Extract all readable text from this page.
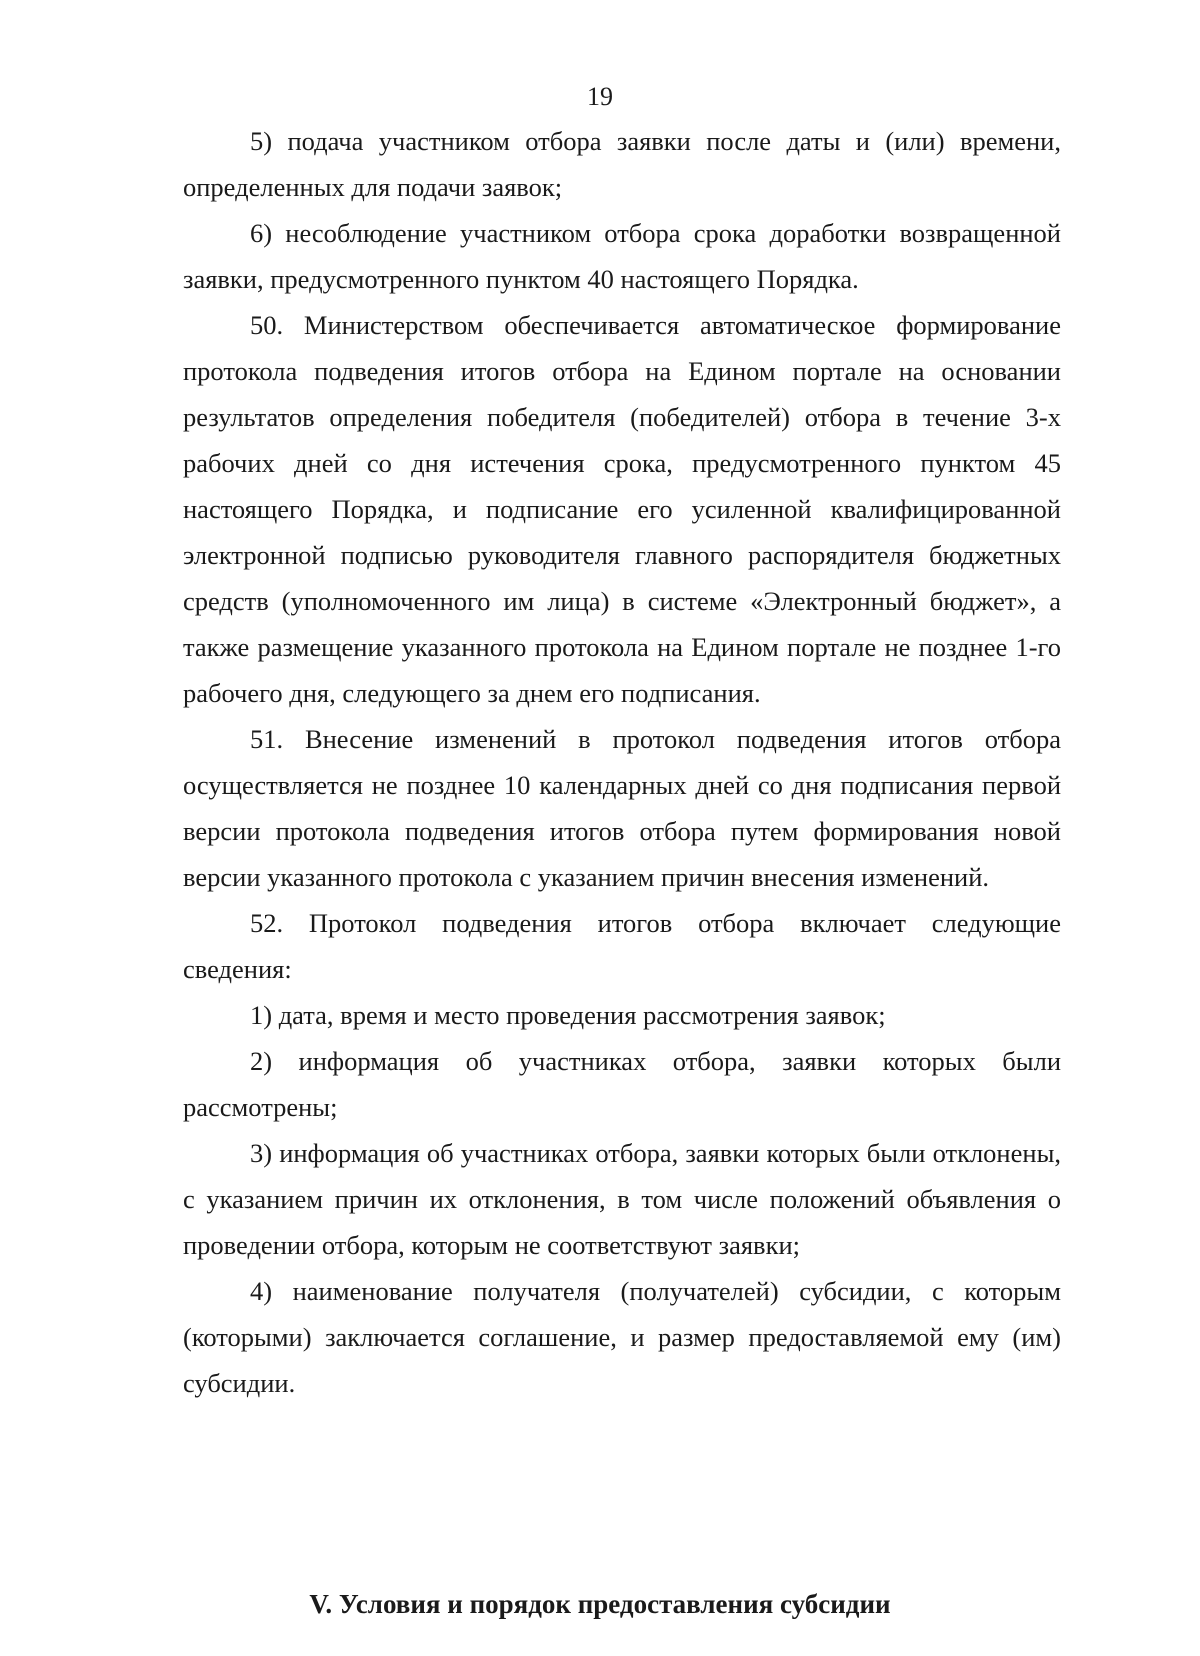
19

5) подача участником отбора заявки после даты и (или) времени, определенных для подачи заявок;

6) несоблюдение участником отбора срока доработки возвращенной заявки, предусмотренного пунктом 40 настоящего Порядка.

50. Министерством обеспечивается автоматическое формирование протокола подведения итогов отбора на Едином портале на основании результатов определения победителя (победителей) отбора в течение 3-х рабочих дней со дня истечения срока, предусмотренного пунктом 45 настоящего Порядка, и подписание его усиленной квалифицированной электронной подписью руководителя главного распорядителя бюджетных средств (уполномоченного им лица) в системе «Электронный бюджет», а также размещение указанного протокола на Едином портале не позднее 1-го рабочего дня, следующего за днем его подписания.

51. Внесение изменений в протокол подведения итогов отбора осуществляется не позднее 10 календарных дней со дня подписания первой версии протокола подведения итогов отбора путем формирования новой версии указанного протокола с указанием причин внесения изменений.

52. Протокол подведения итогов отбора включает следующие сведения:

1) дата, время и место проведения рассмотрения заявок;

2) информация об участниках отбора, заявки которых были рассмотрены;

3) информация об участниках отбора, заявки которых были отклонены, с указанием причин их отклонения, в том числе положений объявления о проведении отбора, которым не соответствуют заявки;

4) наименование получателя (получателей) субсидии, с которым (которыми) заключается соглашение, и размер предоставляемой ему (им) субсидии.

V. Условия и порядок предоставления субсидии
